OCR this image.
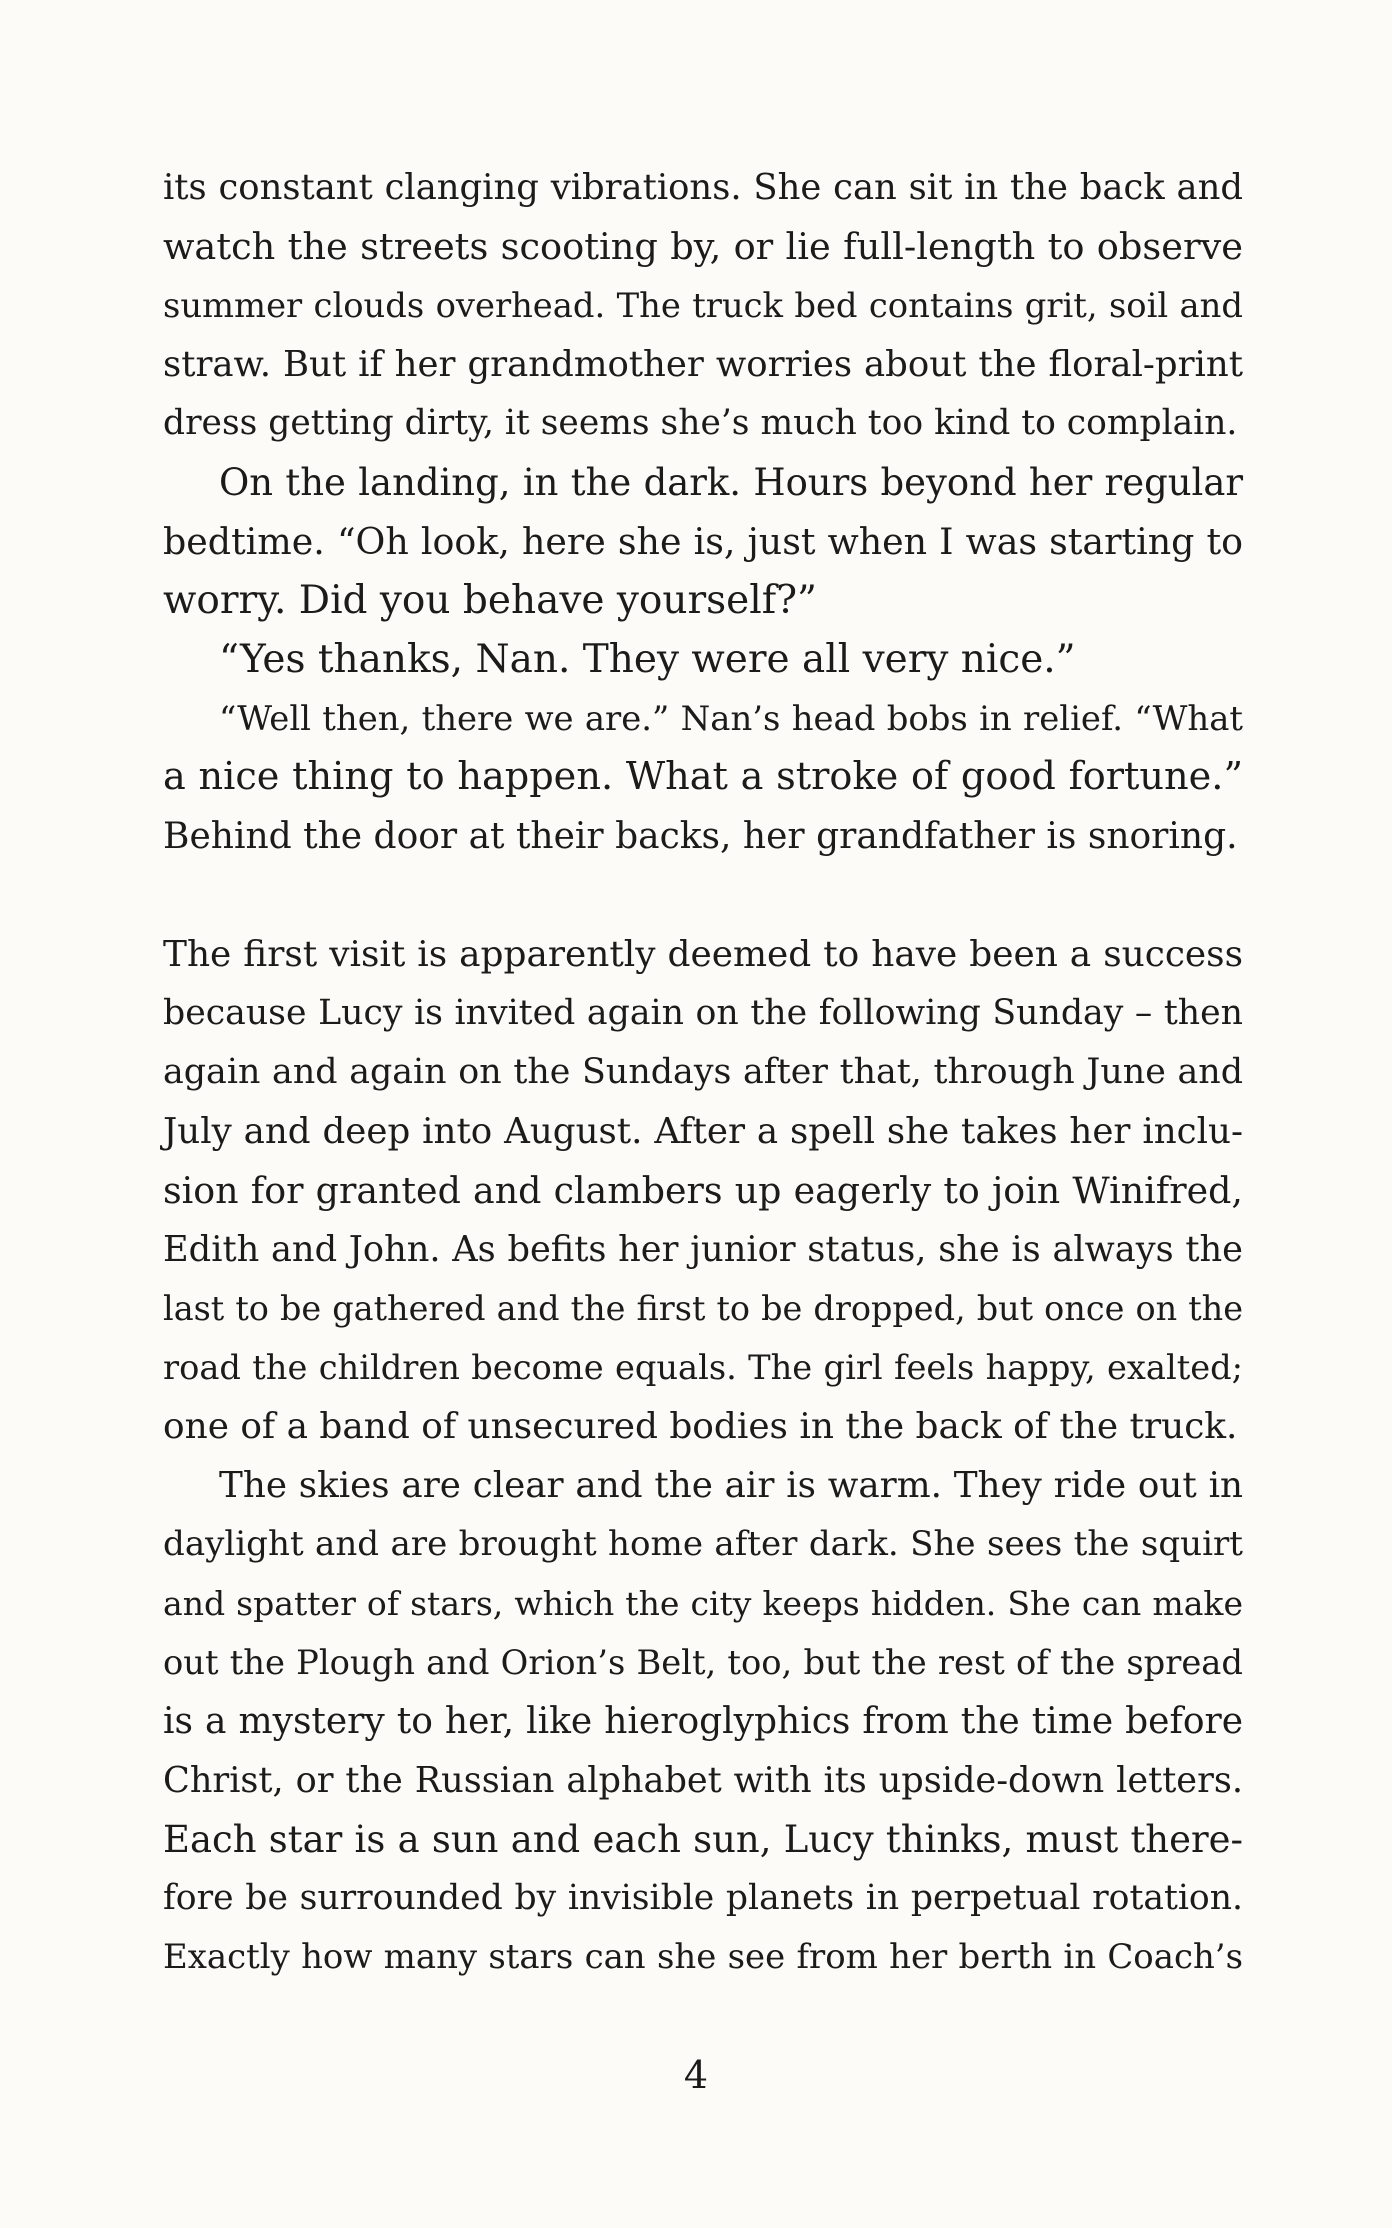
its constant clanging vibrations. She can sit in the back and
watch the streets scooting by, or lie full-length to observe
summer clouds overhead. The truck bed contains grit, soil and
straw. But if her grandmother worries about the floral-print
dress getting dirty, it seems she’s much too kind to complain.
On the landing, in the dark. Hours beyond her regular
bedtime. “Oh look, here she is, just when I was starting to
worry. Did you behave yourself?”
“Yes thanks, Nan. They were all very nice.”
“Well then, there we are.” Nan’s head bobs in relief. “What
a nice thing to happen. What a stroke of good fortune.”
Behind the door at their backs, her grandfather is snoring.
The first visit is apparently deemed to have been a success
because Lucy is invited again on the following Sunday – then
again and again on the Sundays after that, through June and
July and deep into August. After a spell she takes her inclu-
sion for granted and clambers up eagerly to join Winifred,
Edith and John. As befits her junior status, she is always the
last to be gathered and the first to be dropped, but once on the
road the children become equals. The girl feels happy, exalted;
one of a band of unsecured bodies in the back of the truck.
The skies are clear and the air is warm. They ride out in
daylight and are brought home after dark. She sees the squirt
and spatter of stars, which the city keeps hidden. She can make
out the Plough and Orion’s Belt, too, but the rest of the spread
is a mystery to her, like hieroglyphics from the time before
Christ, or the Russian alphabet with its upside-down letters.
Each star is a sun and each sun, Lucy thinks, must there-
fore be surrounded by invisible planets in perpetual rotation.
Exactly how many stars can she see from her berth in Coach’s
4
